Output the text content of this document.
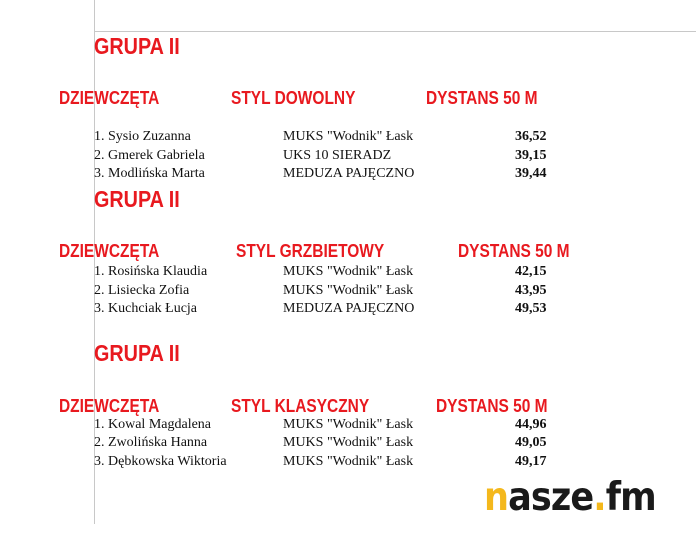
GRUPA II
DZIEWCZĘTA	STYL DOWOLNY	DYSTANS 50 M
1. Sysio Zuzanna	MUKS "Wodnik" Łask	36,52
2. Gmerek Gabriela	UKS 10 SIERADZ	39,15
3. Modlińska Marta	MEDUZA PAJĘCZNO	39,44
GRUPA II
DZIEWCZĘTA	STYL GRZBIETOWY	DYSTANS 50 M
1. Rosińska Klaudia	MUKS "Wodnik" Łask	42,15
2. Lisiecka Zofia	MUKS "Wodnik" Łask	43,95
3. Kuchciak Łucja	MEDUZA PAJĘCZNO	49,53
GRUPA II
DZIEWCZĘTA	STYL KLASYCZNY	DYSTANS 50 M
1. Kowal Magdalena	MUKS "Wodnik" Łask	44,96
2. Zwolińska Hanna	MUKS "Wodnik" Łask	49,05
3. Dębkowska Wiktoria	MUKS "Wodnik" Łask	49,17
nasze.fm
